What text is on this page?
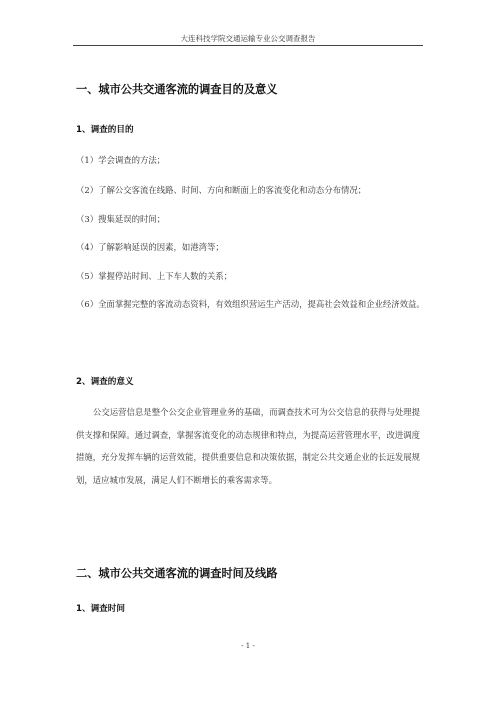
大连科技学院交通运输专业公交调查报告
一、城市公共交通客流的调查目的及意义
1、调查的目的
（1）学会调查的方法；
（2）了解公交客流在线路、时间、方向和断面上的客流变化和动态分布情况；
（3）搜集延误的时间；
（4）了解影响延误的因素，如港湾等；
（5）掌握停站时间、上下车人数的关系；
（6）全面掌握完整的客流动态资料，有效组织营运生产活动，提高社会效益和企业经济效益。
2、调查的意义
公交运营信息是整个公交企业管理业务的基础，而调查技术可为公交信息的获得与处理提供支撑和保障。通过调查，掌握客流变化的动态规律和特点，为提高运营管理水平，改进调度措施，充分发挥车辆的运营效能，提供重要信息和决策依据，制定公共交通企业的长远发展规划，适应城市发展，满足人们不断增长的乘客需求等。
二、城市公共交通客流的调查时间及线路
1、调查时间
- 1 -
